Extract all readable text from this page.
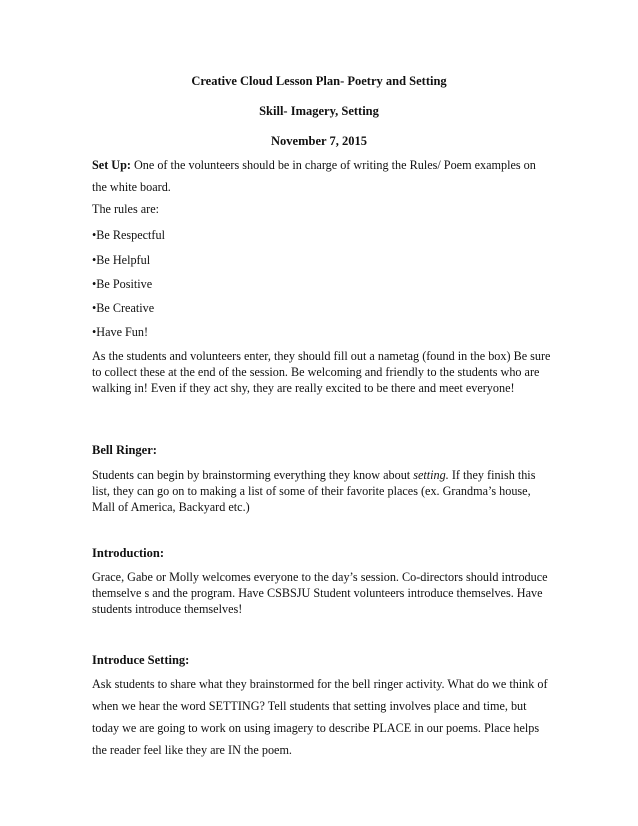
Creative Cloud Lesson Plan- Poetry and Setting
Skill- Imagery, Setting
November 7, 2015

Set Up: One of the volunteers should be in charge of writing the Rules/ Poem examples on the white board.

The rules are:
•Be Respectful
•Be Helpful
•Be Positive
•Be Creative
•Have Fun!
As the students and volunteers enter, they should fill out a nametag (found in the box) Be sure to collect these at the end of the session. Be welcoming and friendly to the students who are walking in! Even if they act shy, they are really excited to be there and meet everyone!
Bell Ringer:

Students can begin by brainstorming everything they know about setting. If they finish this list, they can go on to making a list of some of their favorite places (ex. Grandma’s house, Mall of America, Backyard etc.)

Introduction:
Grace, Gabe or Molly welcomes everyone to the day’s session. Co-directors should introduce themselve s and the program. Have CSBSJU Student volunteers introduce themselves. Have students introduce themselves!
Introduce Setting:
Ask students to share what they brainstormed for the bell ringer activity. What do we think of when we hear the word SETTING? Tell students that setting involves place and time, but today we are going to work on using imagery to describe PLACE in our poems. Place helps the reader feel like they are IN the poem.
